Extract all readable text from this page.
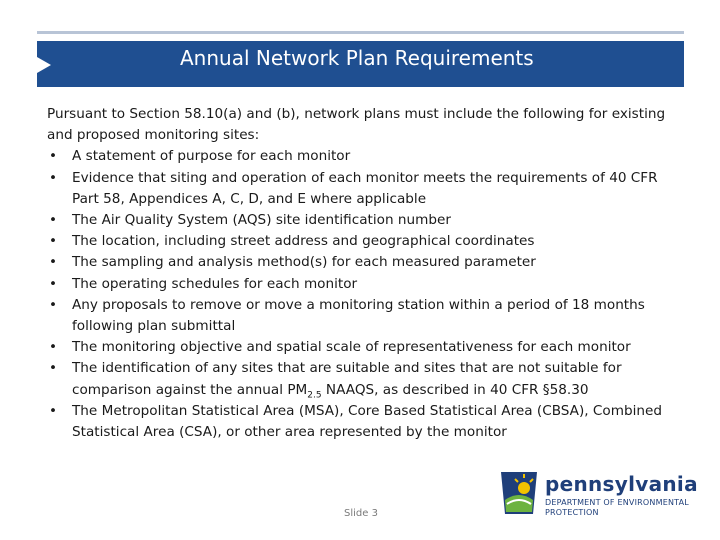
Annual Network Plan Requirements

Pursuant to Section 58.10(a) and (b), network plans must include the following for existing and proposed monitoring sites:

• A statement of purpose for each monitor
• Evidence that siting and operation of each monitor meets the requirements of 40 CFR Part 58, Appendices A, C, D, and E where applicable
• The Air Quality System (AQS) site identification number
• The location, including street address and geographical coordinates
• The sampling and analysis method(s) for each measured parameter
• The operating schedules for each monitor
• Any proposals to remove or move a monitoring station within a period of 18 months following plan submittal
• The monitoring objective and spatial scale of representativeness for each monitor
• The identification of any sites that are suitable and sites that are not suitable for comparison against the annual $PM_{2.5}$ NAAQS, as described in 40 CFR §58.30
• The Metropolitan Statistical Area (MSA), Core Based Statistical Area (CBSA), Combined Statistical Area (CSA), or other area represented by the monitor
Slide 3
pennsylvania
DEPARTMENT OF ENVIRONMENTAL
PROTECTION
